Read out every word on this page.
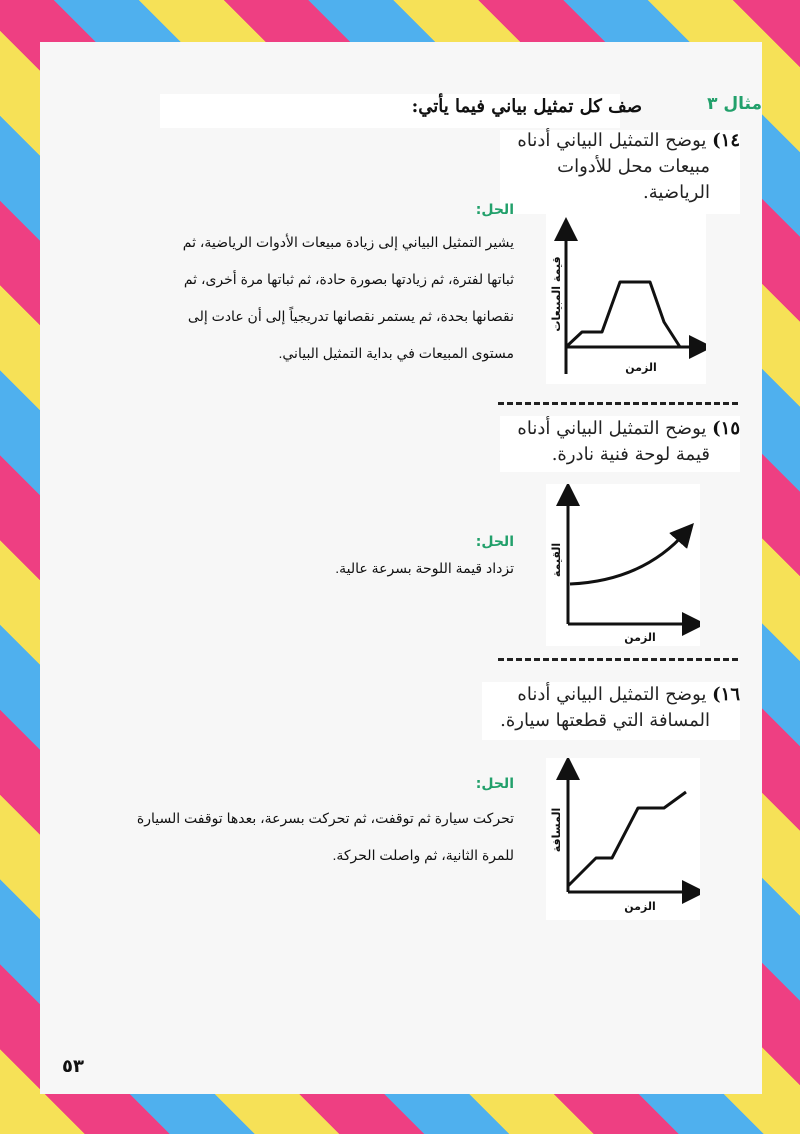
مثال ٣
صف كل تمثيل بياني فيما يأتي:
١٤) يوضح التمثيل البياني أدناه
مبيعات محل للأدوات
الرياضية.
الحل:
يشير التمثيل البياني إلى زيادة مبيعات الأدوات الرياضية، ثم
ثباتها لفترة، ثم زيادتها بصورة حادة، ثم ثباتها مرة أخرى، ثم
نقصانها بحدة، ثم يستمر نقصانها تدريجياً إلى أن عادت إلى
مستوى المبيعات في بداية التمثيل البياني.
قيمة المبيعات
الزمن
١٥) يوضح التمثيل البياني أدناه
قيمة لوحة فنية نادرة.
الحل:
تزداد قيمة اللوحة بسرعة عالية.	القيمة
الزمن
١٦) يوضح التمثيل البياني أدناه
المسافة التي قطعتها سيارة.
الحل:
تحركت سيارة ثم توقفت، ثم تحركت بسرعة، بعدها توقفت السيارة
للمرة الثانية، ثم واصلت الحركة.
المسافة
الزمن
٥٣
